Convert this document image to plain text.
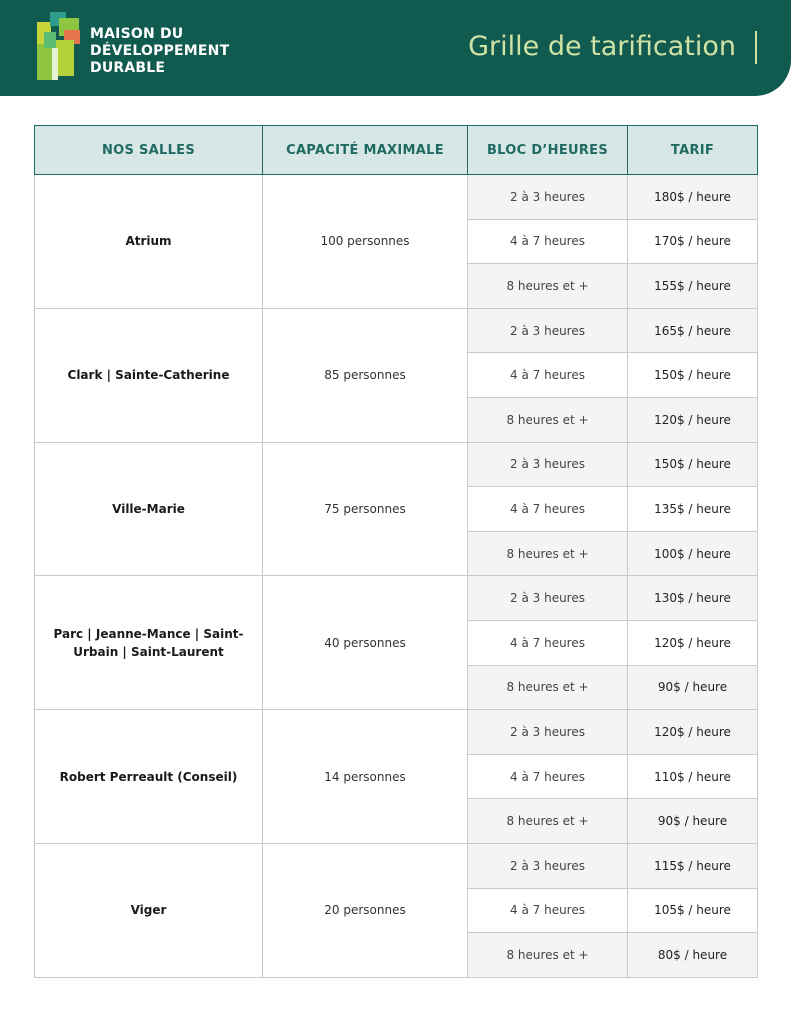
MAISON DU
DÉVELOPPEMENT
DURABLE
Grille de tarification
NOS SALLES	CAPACITÉ MAXIMALE	BLOC D’HEURES	TARIF
Atrium	100 personnes	2 à 3 heures	180$ / heure
		4 à 7 heures	170$ / heure
		8 heures et +	155$ / heure
Clark | Sainte-Catherine	85 personnes	2 à 3 heures	165$ / heure
		4 à 7 heures	150$ / heure
		8 heures et +	120$ / heure
Ville-Marie	75 personnes	2 à 3 heures	150$ / heure
		4 à 7 heures	135$ / heure
		8 heures et +	100$ / heure
Parc | Jeanne-Mance | Saint-Urbain | Saint-Laurent	40 personnes	2 à 3 heures	130$ / heure
		4 à 7 heures	120$ / heure
		8 heures et +	90$ / heure
Robert Perreault (Conseil)	14 personnes	2 à 3 heures	120$ / heure
		4 à 7 heures	110$ / heure
		8 heures et +	90$ / heure
Viger	20 personnes	2 à 3 heures	115$ / heure
		4 à 7 heures	105$ / heure
		8 heures et +	80$ / heure
